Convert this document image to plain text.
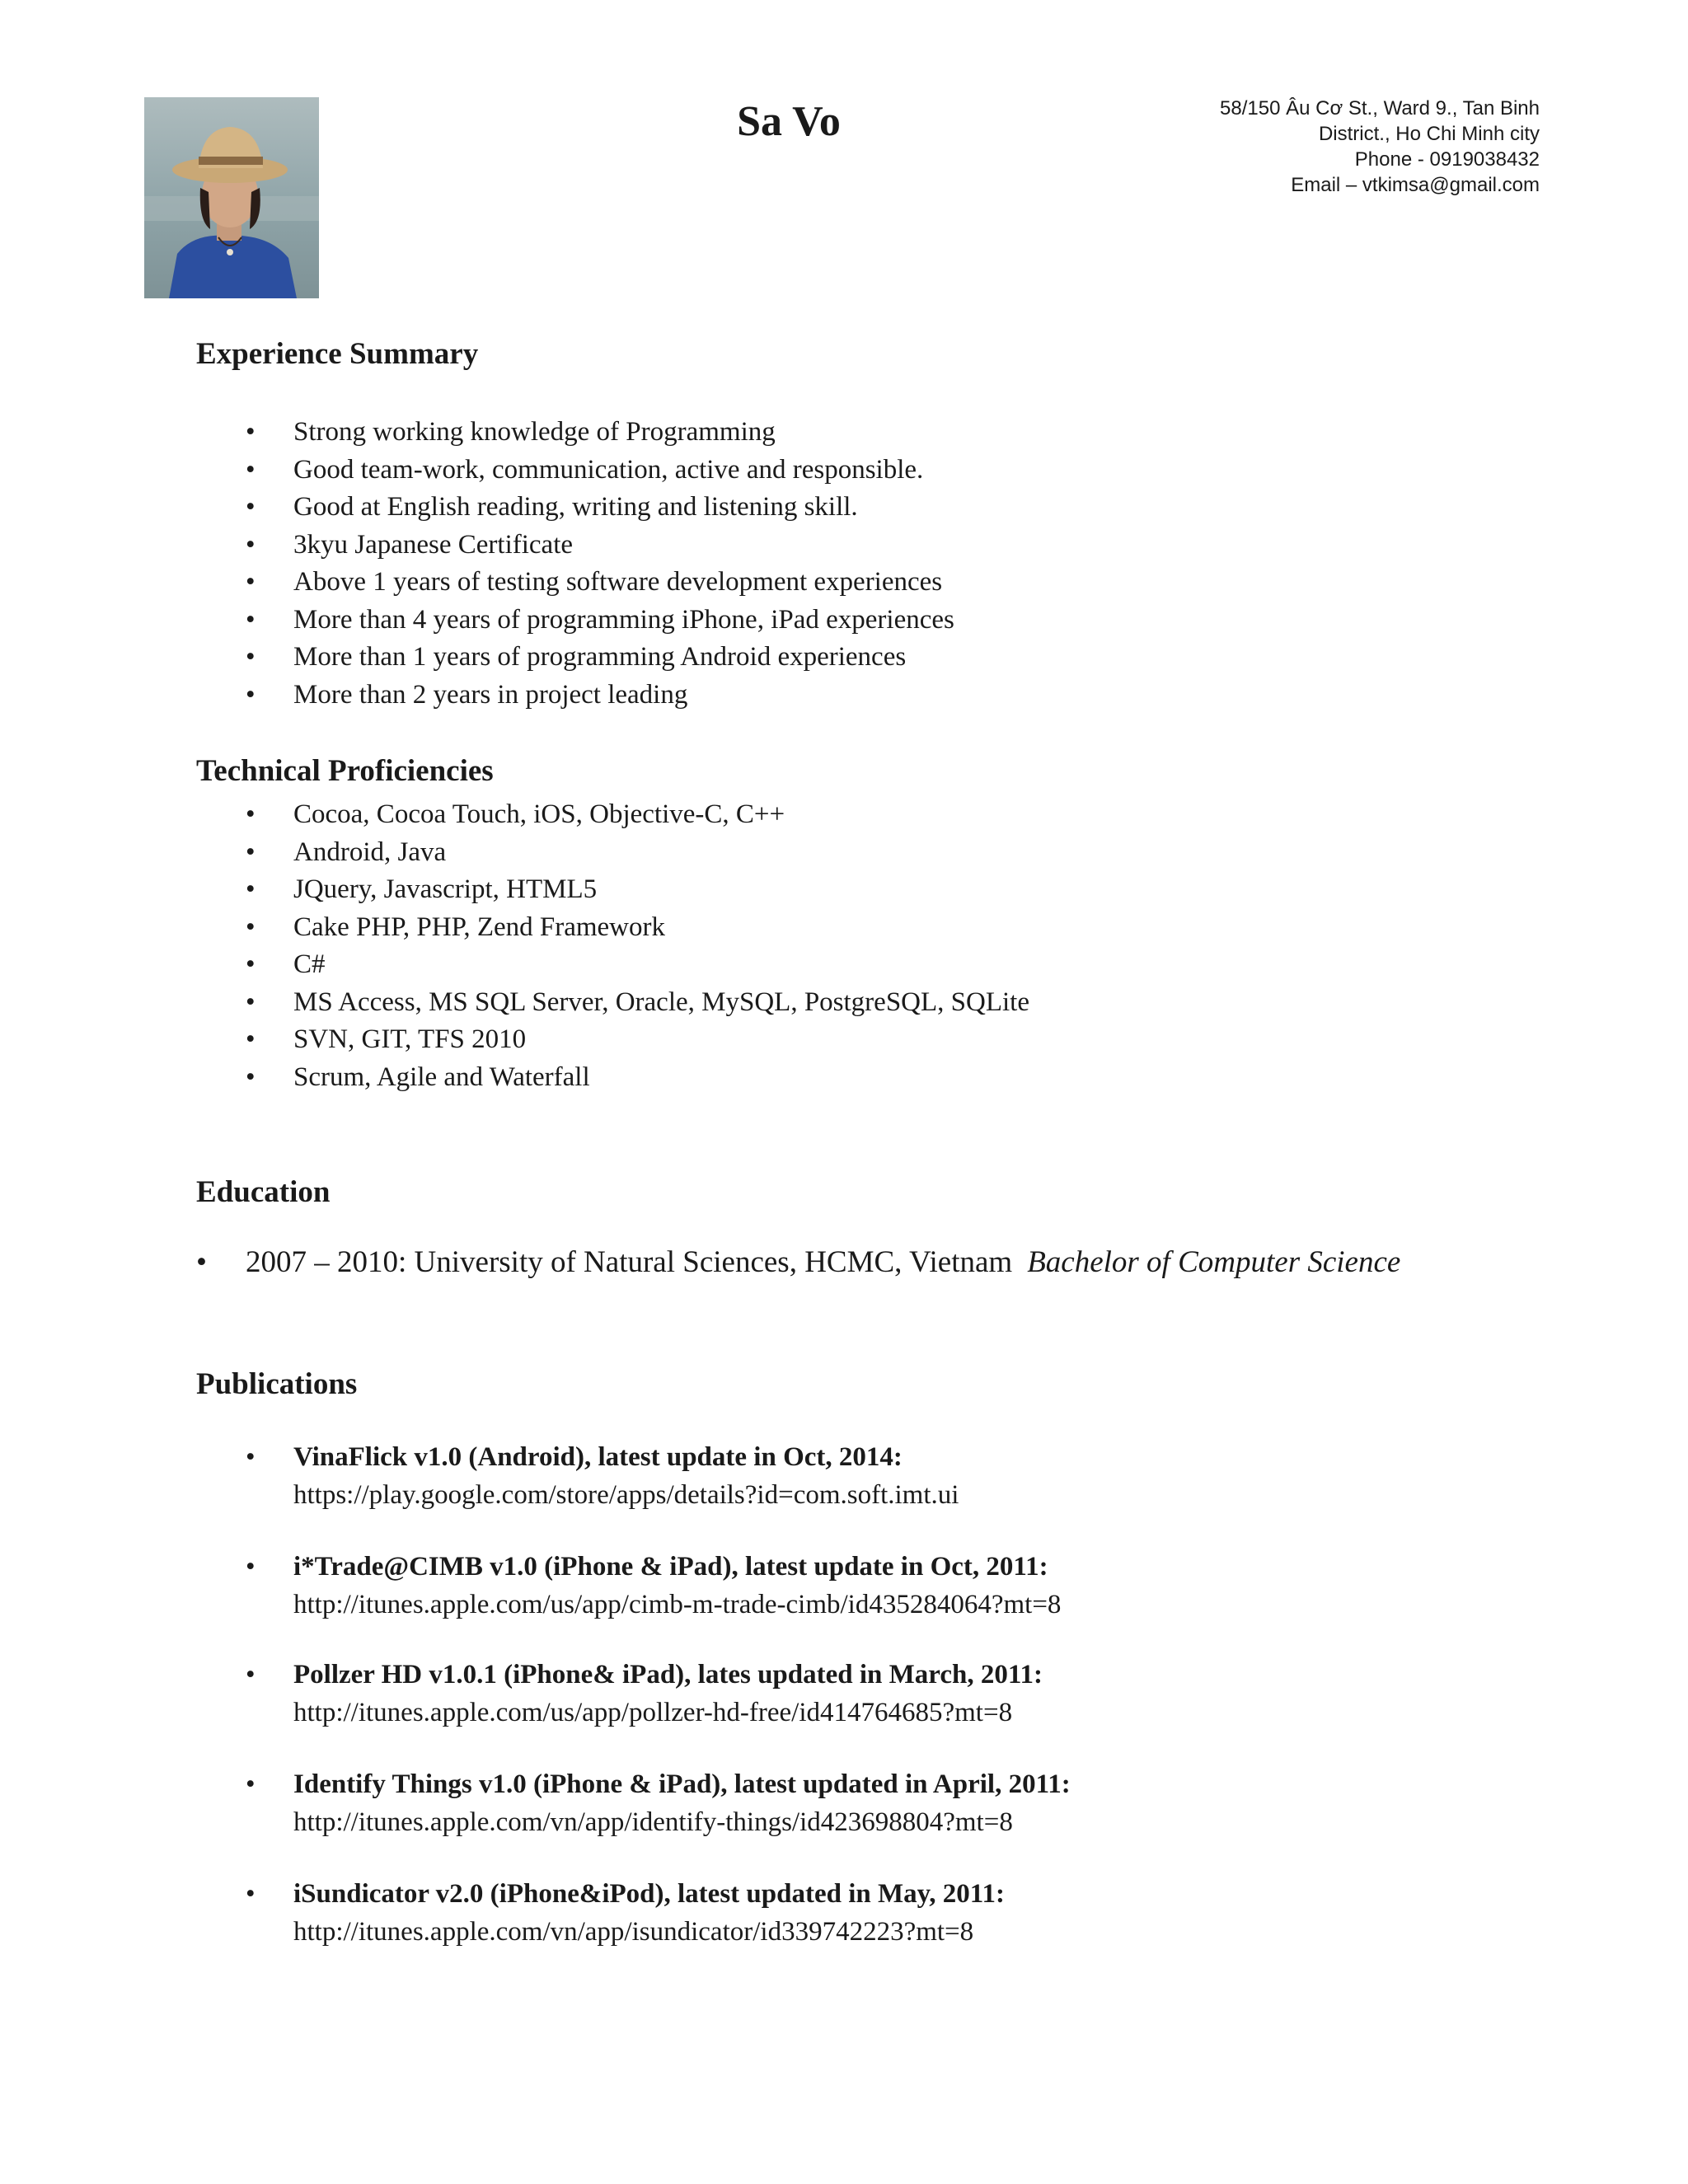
Sa Vo	58/150 Âu Cơ St., Ward 9., Tan Binh
District., Ho Chi Minh city
Phone - 0919038432
Email – vtkimsa@gmail.com
Experience Summary
• Strong working knowledge of Programming
• Good team-work, communication, active and responsible.
• Good at English reading, writing and listening skill.
• 3kyu Japanese Certificate
• Above 1 years of testing software development experiences
• More than 4 years of programming iPhone, iPad experiences
• More than 1 years of programming Android experiences
• More than 2 years in project leading
Technical Proficiencies
• Cocoa, Cocoa Touch, iOS, Objective-C, C++
• Android, Java
• JQuery, Javascript, HTML5
• Cake PHP, PHP, Zend Framework
• C#
• MS Access, MS SQL Server, Oracle, MySQL, PostgreSQL, SQLite
• SVN, GIT, TFS 2010
• Scrum, Agile and Waterfall
Education
• 2007 – 2010: University of Natural Sciences, HCMC, Vietnam Bachelor of Computer Science
Publications
• VinaFlick v1.0 (Android), latest update in Oct, 2014:
https://play.google.com/store/apps/details?id=com.soft.imt.ui
• i*Trade@CIMB v1.0 (iPhone & iPad), latest update in Oct, 2011:
http://itunes.apple.com/us/app/cimb-m-trade-cimb/id435284064?mt=8
• Pollzer HD v1.0.1 (iPhone& iPad), lates updated in March, 2011:
http://itunes.apple.com/us/app/pollzer-hd-free/id414764685?mt=8
• Identify Things v1.0 (iPhone & iPad), latest updated in April, 2011:
http://itunes.apple.com/vn/app/identify-things/id423698804?mt=8
• iSundicator v2.0 (iPhone&iPod), latest updated in May, 2011:
http://itunes.apple.com/vn/app/isundicator/id339742223?mt=8
